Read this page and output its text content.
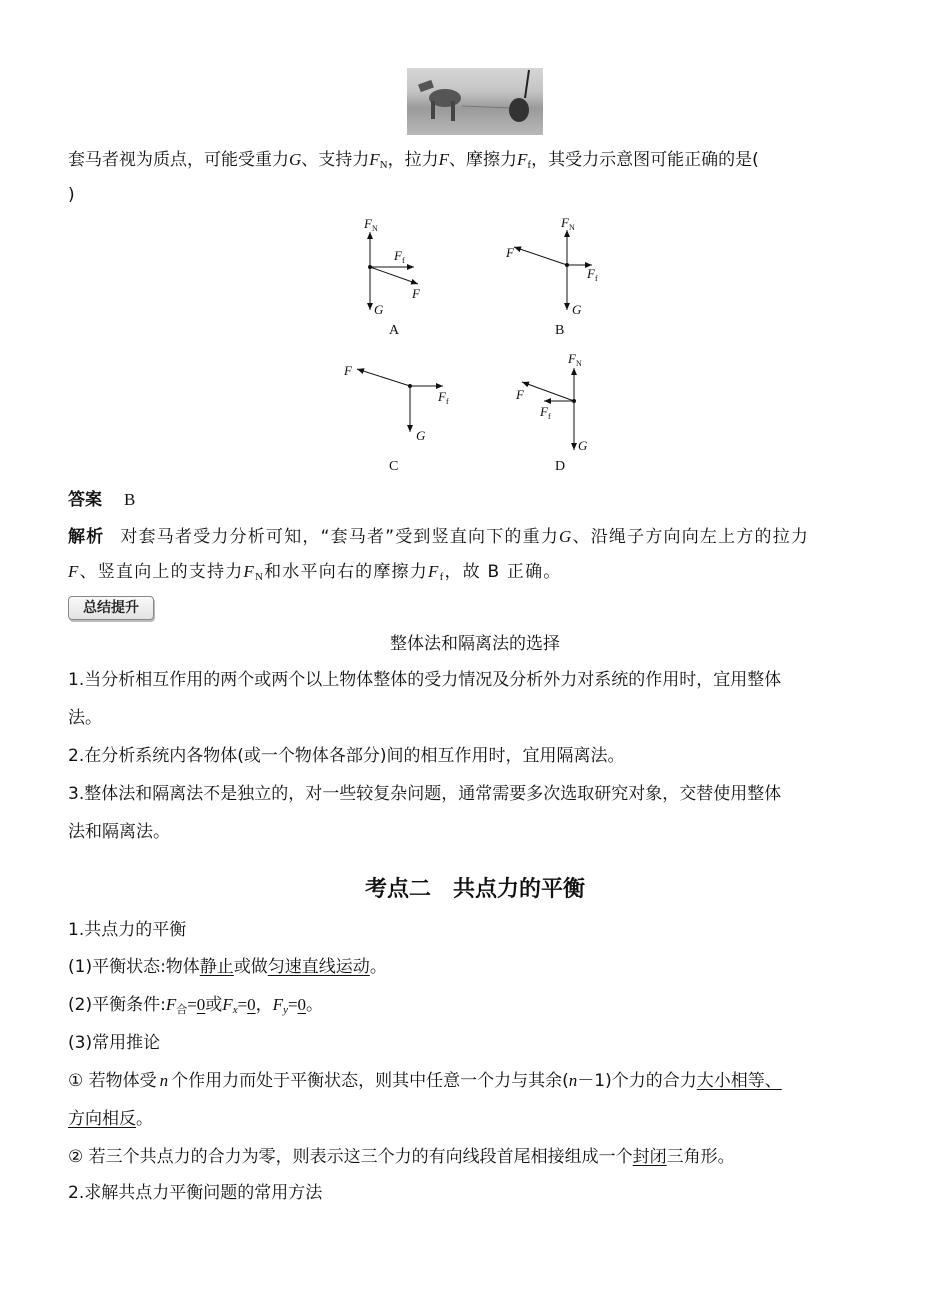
套马者视为质点，可能受重力G、支持力$F_N$，拉力F、摩擦力$F_f$，其受力示意图可能正确的是(
)
$F_N$
$F_f$
F
G
$F_N$
F
$F_f$
G
F
$F_f$
G
$F_N$
F
$F_f$
G
A	B
C	D
答案 B
解析 对套马者受力分析可知，“套马者”受到竖直向下的重力G、沿绳子方向向左上方的拉力
F、竖直向上的支持力$F_N$和水平向右的摩擦力$F_f$，故 B 正确。
总结提升
整体法和隔离法的选择
1.当分析相互作用的两个或两个以上物体整体的受力情况及分析外力对系统的作用时，宜用整体
法。
2.在分析系统内各物体(或一个物体各部分)间的相互作用时，宜用隔离法。
3.整体法和隔离法不是独立的，对一些较复杂问题，通常需要多次选取研究对象，交替使用整体
法和隔离法。
考点二　共点力的平衡
1.共点力的平衡
(1)平衡状态:物体静止或做匀速直线运动。
(2)平衡条件$:F_合=0$或$F_x=0$，$F_y=0$。
(3)常用推论
① 若物体受 n 个作用力而处于平衡状态，则其中任意一个力与其余(n－1)个力的合力大小相等、
方向相反。
② 若三个共点力的合力为零，则表示这三个力的有向线段首尾相接组成一个封闭三角形。
2.求解共点力平衡问题的常用方法
